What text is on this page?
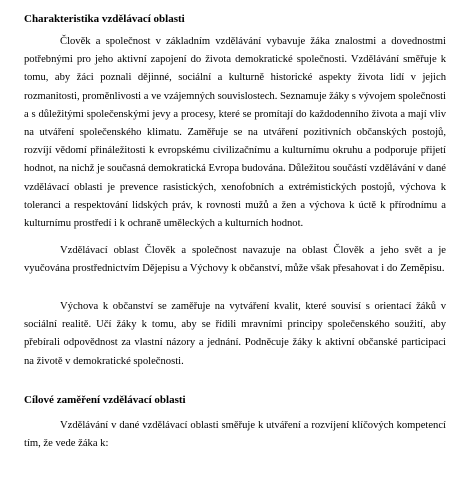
Charakteristika vzdělávací oblasti

Člověk a společnost v základním vzdělávání vybavuje žáka znalostmi a dovednostmi potřebnými pro jeho aktivní zapojení do života demokratické společnosti. Vzdělávání směřuje k tomu, aby žáci poznali dějinné, sociální a kulturně historické aspekty života lidí v jejich rozmanitosti, proměnlivosti a ve vzájemných souvislostech. Seznamuje žáky s vývojem společnosti a s důležitými společenskými jevy a procesy, které se promítají do každodenního života a mají vliv na utváření společenského klimatu. Zaměřuje se na utváření pozitivních občanských postojů, rozvíjí vědomí přináležitosti k evropskému civilizačnímu a kulturnímu okruhu a podporuje přijetí hodnot, na nichž je současná demokratická Evropa budována. Důležitou součástí vzdělávání v dané vzdělávací oblasti je prevence rasistických, xenofobních a extrémistických postojů, výchova k toleranci a respektování lidských práv, k rovnosti mužů a žen a výchova k úctě k přírodnímu a kulturnímu prostředí i k ochraně uměleckých a kulturních hodnot.

Vzdělávací oblast Člověk a společnost navazuje na oblast Člověk a jeho svět a je vyučována prostřednictvím Dějepisu a Výchovy k občanství, může však přesahovat i do Zeměpisu.

Výchova k občanství se zaměřuje na vytváření kvalit, které souvisí s orientací žáků v sociální realitě. Učí žáky k tomu, aby se řídili mravními principy společenského soužití, aby přebírali odpovědnost za vlastní názory a jednání. Podněcuje žáky k aktivní občanské participaci na životě v demokratické společnosti.

Cílové zaměření vzdělávací oblasti

Vzdělávání v dané vzdělávací oblasti směřuje k utváření a rozvíjení klíčových kompetencí tím, že vede žáka k:
